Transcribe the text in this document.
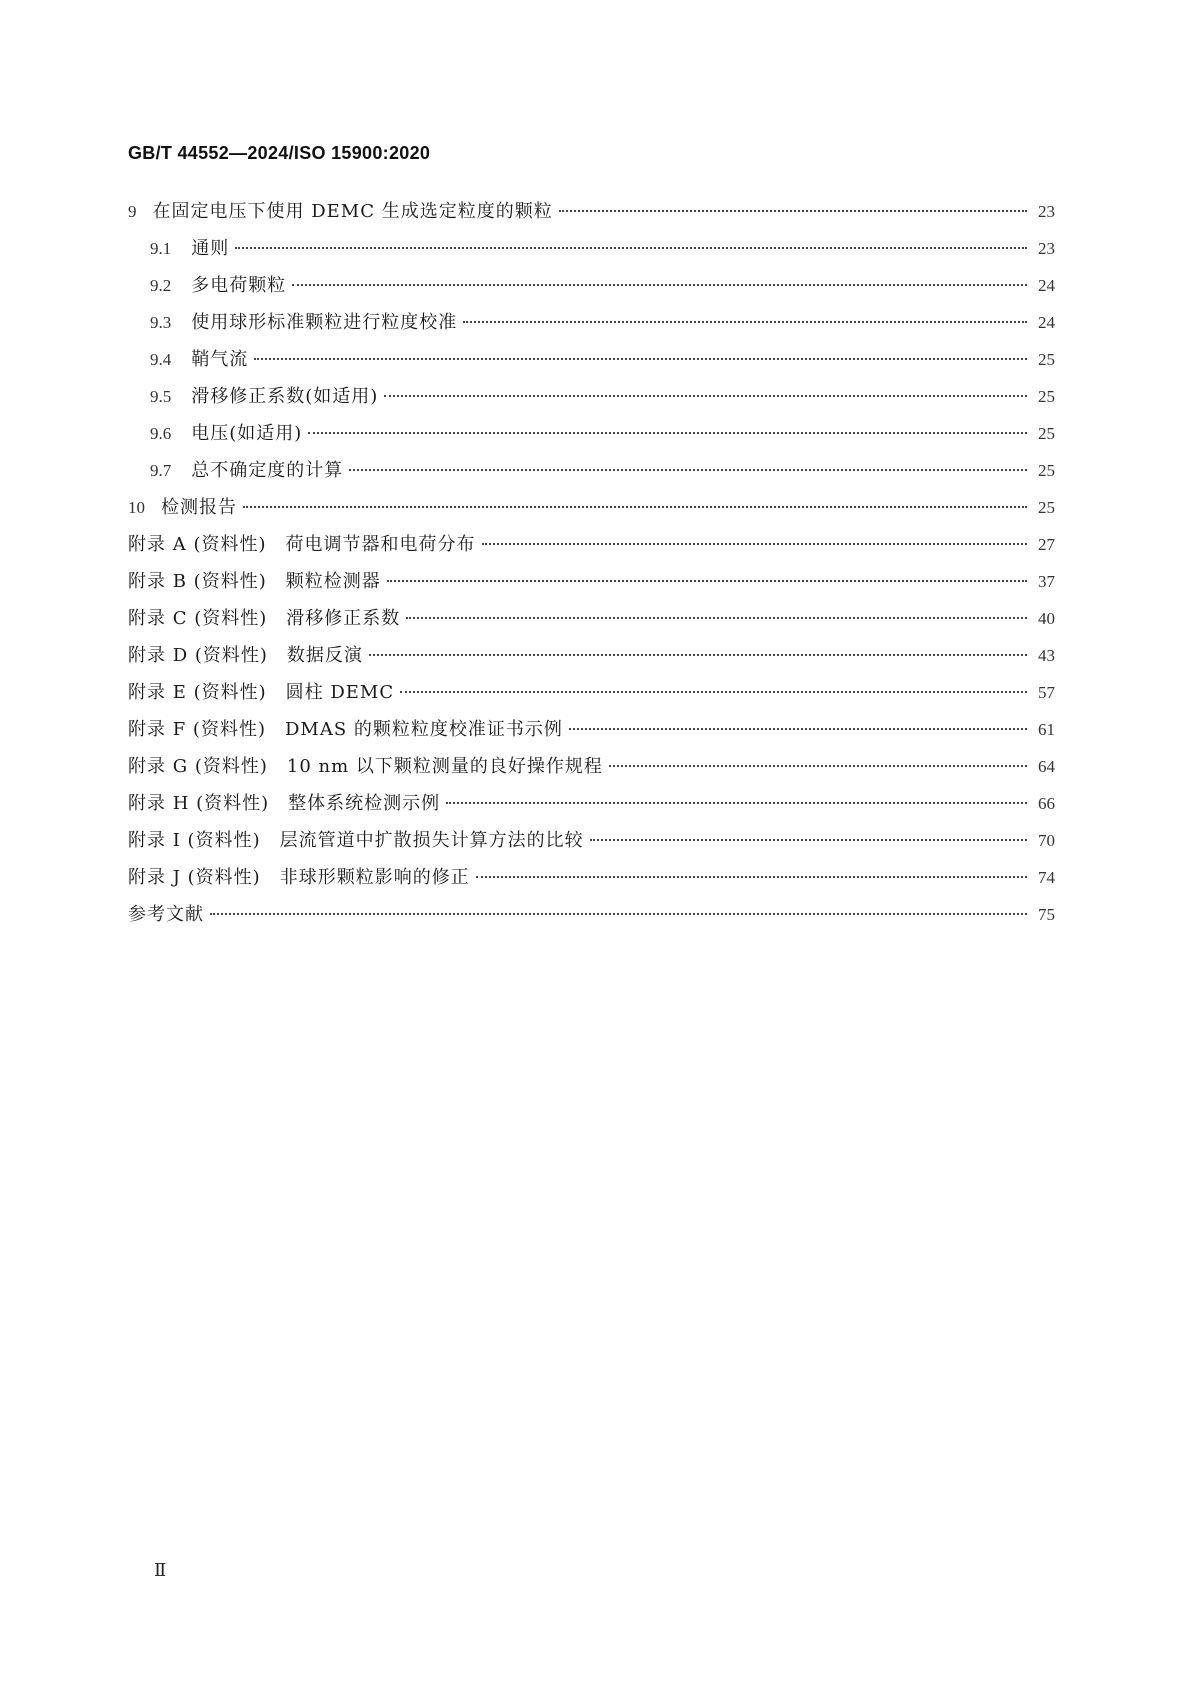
GB/T 44552—2024/ISO 15900:2020
9 在固定电压下使用 DEMC 生成选定粒度的颗粒	23
9.1 通则	23
9.2 多电荷颗粒	24
9.3 使用球形标准颗粒进行粒度校准	24
9.4 鞘气流	25
9.5 滑移修正系数(如适用)	25
9.6 电压(如适用)	25
9.7 总不确定度的计算	25
10 检测报告	25
附录 A (资料性)　荷电调节器和电荷分布	27
附录 B (资料性)　颗粒检测器	37
附录 C (资料性)　滑移修正系数	40
附录 D (资料性)　数据反演	43
附录 E (资料性)　圆柱 DEMC	57
附录 F (资料性)　DMAS 的颗粒粒度校准证书示例	61
附录 G (资料性)　10 nm 以下颗粒测量的良好操作规程	64
附录 H (资料性)　整体系统检测示例	66
附录 I (资料性)　层流管道中扩散损失计算方法的比较	70
附录 J (资料性)　非球形颗粒影响的修正	74
参考文献	75
Ⅱ
